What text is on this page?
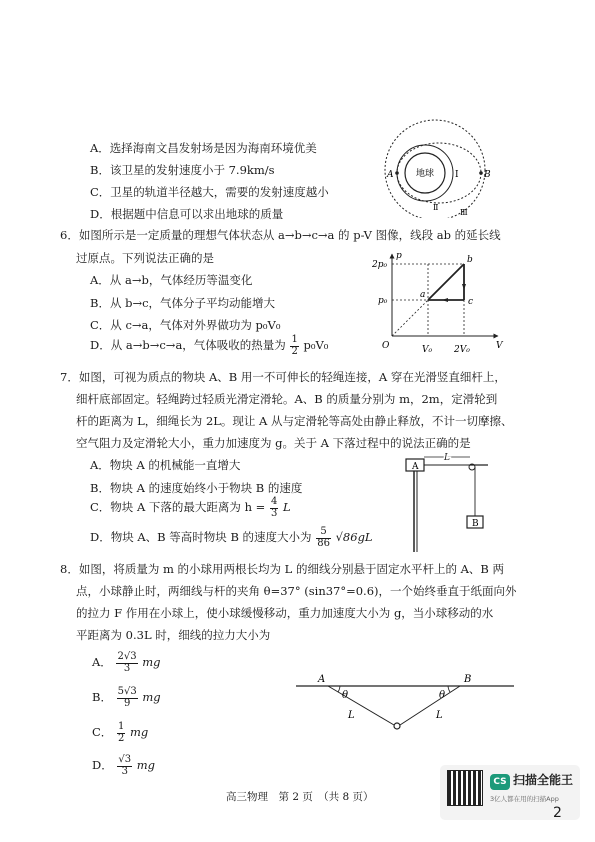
A．选择海南文昌发射场是因为海南环境优美
B．该卫星的发射速度小于 7.9km/s
C．卫星的轨道半径越大，需要的发射速度越小
D．根据题中信息可以求出地球的质量
地球
A	B
Ⅰ
Ⅱ
Ⅲ
6．如图所示是一定质量的理想气体状态从 a→b→c→a 的 p-V 图像，线段 ab 的延长线
过原点。下列说法正确的是
A．从 a→b，气体经历等温变化
B．从 b→c，气体分子平均动能增大
C．从 c→a，气体对外界做功为 p₀V₀
D．从 a→b→c→a，气体吸收的热量为 $\frac{1}{2} p_0V_0$
p
V
O
2p₀
p₀
V₀ 2V₀
a
b
c
7．如图，可视为质点的物块 A、B 用一不可伸长的轻绳连接，A 穿在光滑竖直细杆上，
细杆底部固定。轻绳跨过轻质光滑定滑轮。A、B 的质量分别为 m，2m，定滑轮到
杆的距离为 L，细绳长为 2L。现让 A 从与定滑轮等高处由静止释放，不计一切摩擦、
空气阻力及定滑轮大小，重力加速度为 g。关于 A 下落过程中的说法正确的是
A．物块 A 的机械能一直增大
B．物块 A 的速度始终小于物块 B 的速度
C．物块 A 下落的最大距离为 $h = \frac{4}{3}$ L
D．物块 A、B 等高时物块 B 的速度大小为 $\frac{5}{86} √86gL$
A
B
L
8．如图，将质量为 m 的小球用两根长均为 L 的细线分别悬于固定水平杆上的 A、B 两
点，小球静止时，两细线与杆的夹角 θ=37° (sin37°=0.6)，一个始终垂直于纸面向外
的拉力 F 作用在小球上，使小球缓慢移动，重力加速度大小为 g，当小球移动的水
平距离为 0.3L 时，细线的拉力大小为
A． $\frac{2√3}{3}$ mg
B． $\frac{5√3}{9}$ mg
C． $\frac{1}{2}$ mg
D． $\frac{√3}{3}$ mg
A	B
θ	θ
L	L
高三物理　第 2 页　（共 8 页）
CS 扫描全能王
3亿人都在用的扫描App
2
